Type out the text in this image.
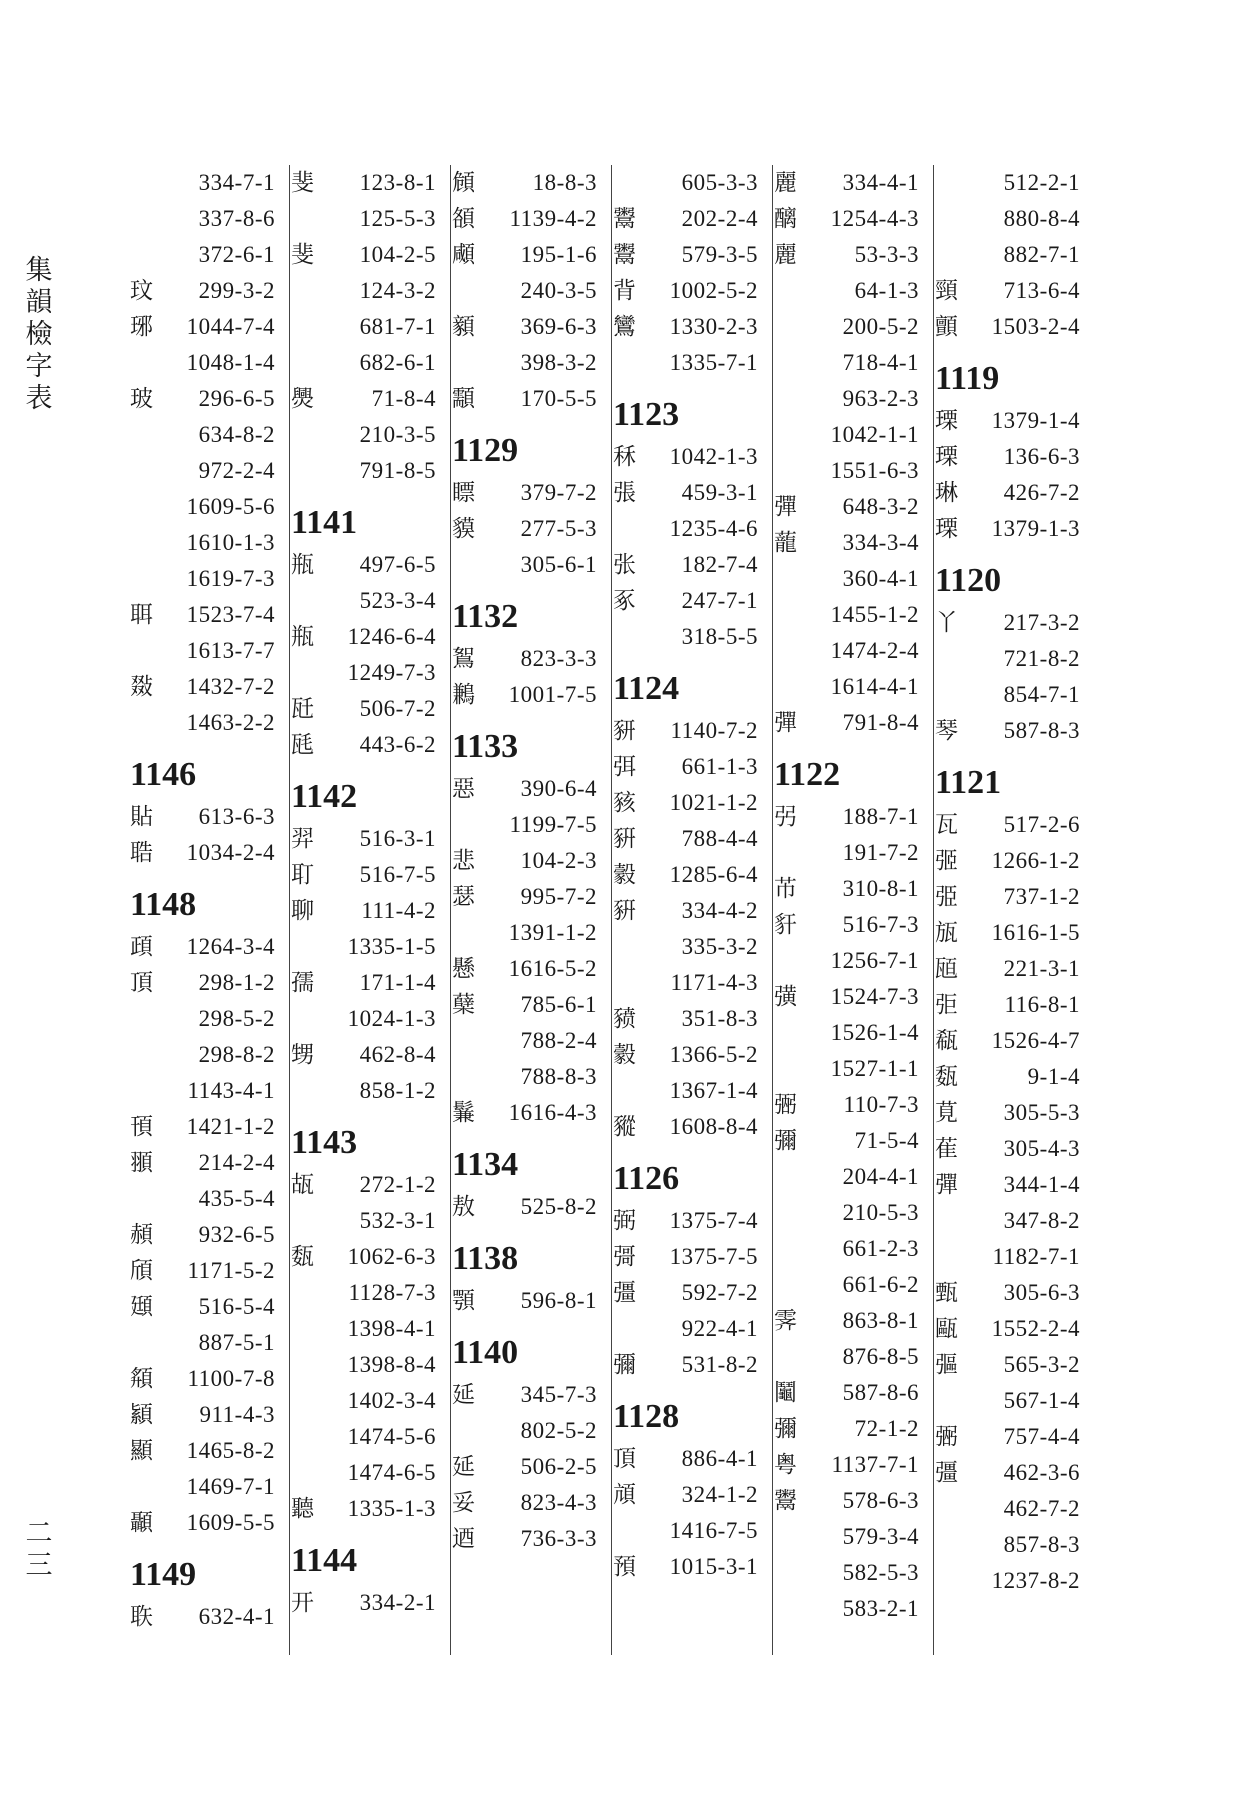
集韻檢字表
二三
334-7-1
337-8-6
372-6-1
玟	299-3-2
琊	1044-7-4
1048-1-4
玻	296-6-5
634-8-2
972-2-4
1609-5-6
1610-1-3
1619-7-3
聑	1523-7-4
1613-7-7
敠	1432-7-2
1463-2-2
1146
貼	613-6-3
聕	1034-2-4
1148
頙	1264-3-4
頂	298-1-2
298-5-2
298-8-2
1143-4-1
頇	1421-1-2
頨	214-2-4
435-5-4
頳	932-6-5
頎	1171-5-2
頲	516-5-4
887-5-1
頯	1100-7-8
顈	911-4-3
顯	1465-8-2
1469-7-1
顳	1609-5-5
1149
聅	632-4-1
斐	123-8-1
125-5-3
斐	104-2-5
124-3-2
681-7-1
682-6-1
爂	71-8-4
210-3-5
791-8-5
1141
瓶	497-6-5
523-3-4
瓶	1246-6-4
1249-7-3
瓩	506-7-2
瓱	443-6-2
1142
羿	516-3-1
耵	516-7-5
聊	111-4-2
1335-1-5
孺	171-1-4
1024-1-3
甥	462-8-4
858-1-2
1143
瓳	272-1-2
532-3-1
瓾	1062-6-3
1128-7-3
1398-4-1
1398-8-4
1402-3-4
1474-5-6
1474-6-5
聽	1335-1-3
1144
开	334-2-1
頠	18-8-3
頟	1139-4-2
顑	195-1-6
240-3-5
顡	369-6-3
398-3-2
顬	170-5-5
1129
瞟	379-7-2
貘	277-5-3
305-6-1
1132
鴽	823-3-3
鶼	1001-7-5
1133
惡	390-6-4
1199-7-5
悲	104-2-3
瑟	995-7-2
1391-1-2
懸	1616-5-2
蘖	785-6-1
788-2-4
788-8-3
鬑	1616-4-3
1134
敖	525-8-2
1138
顎	596-8-1
1140
延	345-7-3
802-5-2
延	506-2-5
妥	823-4-3
迺	736-3-3
605-3-3
鬻	202-2-4
鬻	579-3-5
背	1002-5-2
鸞	1330-2-3
1335-7-1
1123
秝	1042-1-3
張	459-3-1
1235-4-6
张	182-7-4
豖	247-7-1
318-5-5
1124
豜	1140-7-2
弭	661-1-3
豥	1021-1-2
豣	788-4-4
豰	1285-6-4
豣	334-4-2
335-3-2
1171-4-3
豮	351-8-3
豰	1366-5-2
1367-1-4
豵	1608-8-4
1126
弼	1375-7-4
彁	1375-7-5
彊	592-7-2
922-4-1
彌	531-8-2
1128
頂	886-4-1
頏	324-1-2
1416-7-5
預	1015-3-1
麗	334-4-1
醨	1254-4-3
麗	53-3-3
64-1-3
200-5-2
718-4-1
963-2-3
1042-1-1
1551-6-3
彈	648-3-2
蘢	334-3-4
360-4-1
1455-1-2
1474-2-4
1614-4-1
彈	791-8-4
1122
弜	188-7-1
191-7-2
芇	310-8-1
豻	516-7-3
1256-7-1
彉	1524-7-3
1526-1-4
1527-1-1
弻	110-7-3
彌	71-5-4
204-4-1
210-5-3
661-2-3
661-6-2
霁	863-8-1
876-8-5
鬮	587-8-6
彌	72-1-2
粤	1137-7-1
鬻	578-6-3
579-3-4
582-5-3
583-2-1
512-2-1
880-8-4
882-7-1
頸	713-6-4
顫	1503-2-4
1119
瑮	1379-1-4
瑮	136-6-3
琳	426-7-2
瑮	1379-1-3
1120
丫	217-3-2
721-8-2
854-7-1
琴	587-8-3
1121
瓦	517-2-6
弬	1266-1-2
弫	737-1-2
瓬	1616-1-5
瓸	221-3-1
弡	116-8-1
瓻	1526-4-7
瓾	9-1-4
莧	305-5-3
萑	305-4-3
彈	344-1-4
347-8-2
1182-7-1
甄	305-6-3
甌	1552-2-4
彄	565-3-2
567-1-4
弻	757-4-4
彊	462-3-6
462-7-2
857-8-3
1237-8-2
